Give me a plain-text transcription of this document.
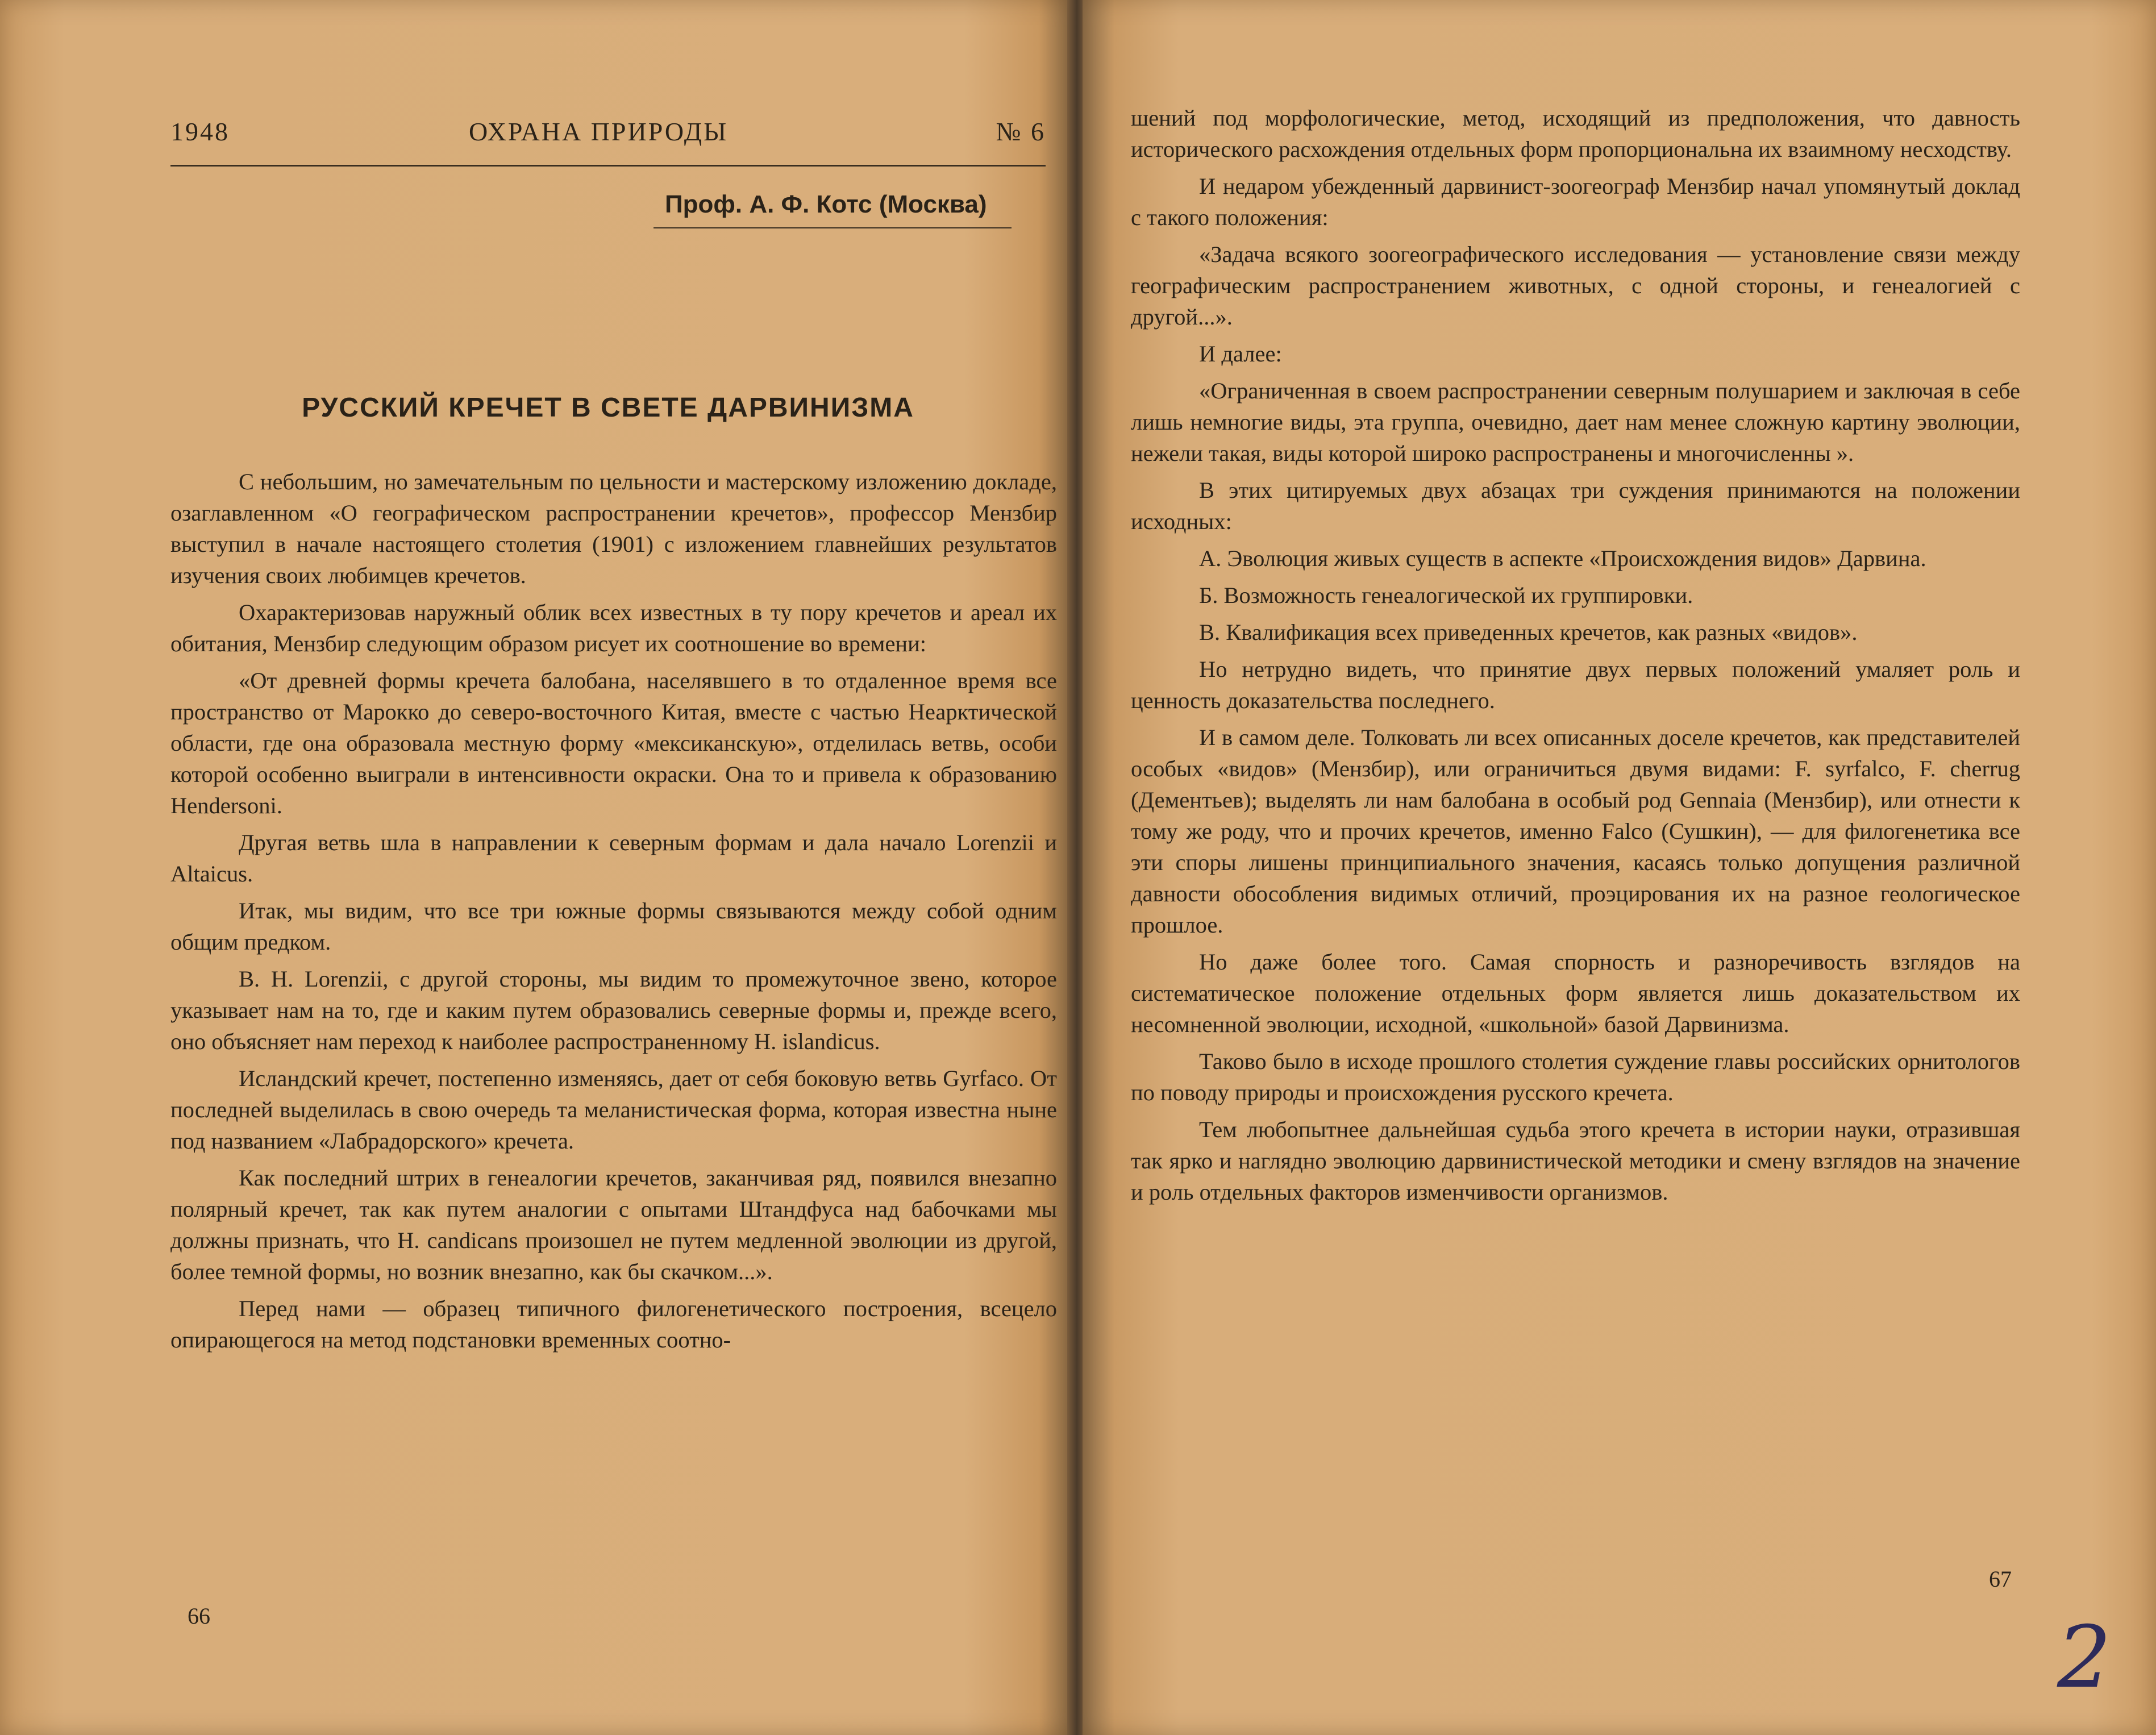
1948	ОХРАНА ПРИРОДЫ	№ 6
Проф. А. Ф. Котс (Москва)
РУССКИЙ КРЕЧЕТ В СВЕТЕ ДАРВИНИЗМА

С небольшим, но замечательным по цельности и мастерскому изложению докладе, озаглавленном «О географическом распространении кречетов», профессор Мензбир выступил в начале настоящего столетия (1901) с изложением главнейших результатов изучения своих любимцев кречетов.

Охарактеризовав наружный облик всех известных в ту пору кречетов и ареал их обитания, Мензбир следующим образом рисует их соотношение во времени:

«От древней формы кречета балобана, населявшего в то отдаленное время все пространство от Марокко до северо-восточного Китая, вместе с частью Неарктической области, где она образовала местную форму «мексиканскую», отделилась ветвь, особи которой особенно выиграли в интенсивности окраски. Она то и привела к образованию Hendersoni.

Другая ветвь шла в направлении к северным формам и дала начало Lorenzii и Altaicus.

Итак, мы видим, что все три южные формы связываются между собой одним общим предком.

В. Н. Lorenzii, с другой стороны, мы видим то промежуточное звено, которое указывает нам на то, где и каким путем образовались северные формы и, прежде всего, оно объясняет нам переход к наиболее распространенному Н. islandicus.

Исландский кречет, постепенно изменяясь, дает от себя боковую ветвь Gyrfaco. От последней выделилась в свою очередь та меланистическая форма, которая известна ныне под названием «Лабрадорского» кречета.

Как последний штрих в генеалогии кречетов, заканчивая ряд, появился внезапно полярный кречет, так как путем аналогии с опытами Штандфуса над бабочками мы должны признать, что Н. candicans произошел не путем медленной эволюции из другой, более темной формы, но возник внезапно, как бы скачком...».

Перед нами — образец типичного филогенетического построения, всецело опирающегося на метод подстановки временных соотно-

66

шений под морфологические, метод, исходящий из предположения, что давность исторического расхождения отдельных форм пропорциональна их взаимному несходству.

И недаром убежденный дарвинист-зоогеограф Мензбир начал упомянутый доклад с такого положения:

«Задача всякого зоогеографического исследования — установление связи между географическим распространением животных, с одной стороны, и генеалогией с другой...».

И далее:

«Ограниченная в своем распространении северным полушарием и заключая в себе лишь немногие виды, эта группа, очевидно, дает нам менее сложную картину эволюции, нежели такая, виды которой широко распространены и многочисленны ».

В этих цитируемых двух абзацах три суждения принимаются на положении исходных:

А. Эволюция живых существ в аспекте «Происхождения видов» Дарвина.

Б. Возможность генеалогической их группировки.

В. Квалификация всех приведенных кречетов, как разных «видов».

Но нетрудно видеть, что принятие двух первых положений умаляет роль и ценность доказательства последнего.

И в самом деле. Толковать ли всех описанных доселе кречетов, как представителей особых «видов» (Мензбир), или ограничиться двумя видами: F. syrfalco, F. cherrug (Дементьев); выделять ли нам балобана в особый род Gennaia (Мензбир), или отнести к тому же роду, что и прочих кречетов, именно Falco (Сушкин), — для филогенетика все эти споры лишены принципиального значения, касаясь только допущения различной давности обособления видимых отличий, проэцирования их на разное геологическое прошлое.

Но даже более того. Самая спорность и разноречивость взглядов на систематическое положение отдельных форм является лишь доказательством их несомненной эволюции, исходной, «школьной» базой Дарвинизма.

Таково было в исходе прошлого столетия суждение главы российских орнитологов по поводу природы и происхождения русского кречета.

Тем любопытнее дальнейшая судьба этого кречета в истории науки, отразившая так ярко и наглядно эволюцию дарвинистической методики и смену взглядов на значение и роль отдельных факторов изменчивости организмов.

67
2
